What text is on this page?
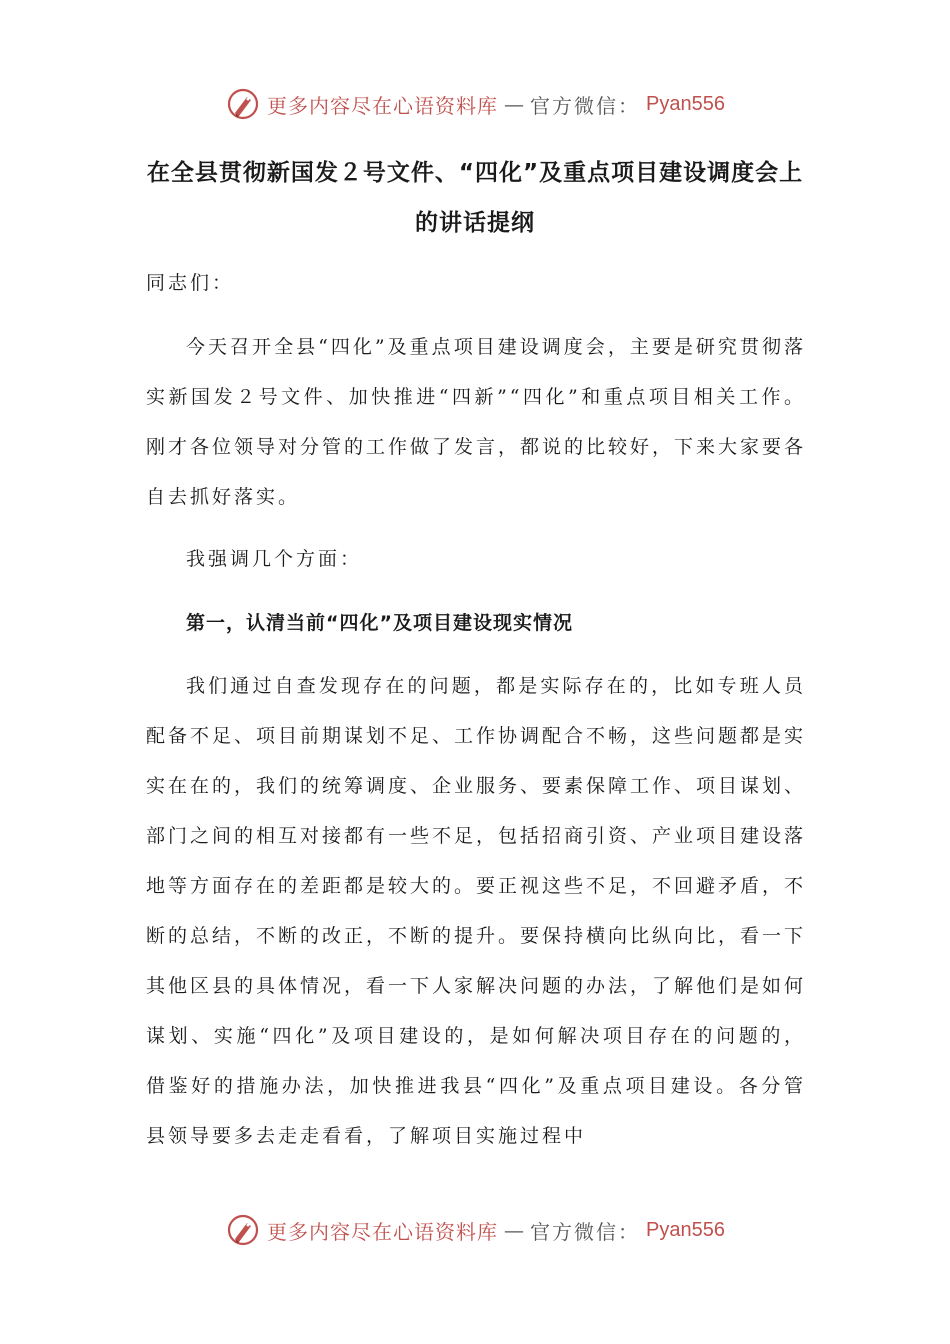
更多内容尽在心语资料库 — 官方微信： Pyan556
在全县贯彻新国发２号文件、“四化”及重点项目建设调度会上的讲话提纲
同志们：
今天召开全县“四化”及重点项目建设调度会，主要是研究贯彻落实新国发２号文件、加快推进“四新”“四化”和重点项目相关工作。刚才各位领导对分管的工作做了发言，都说的比较好，下来大家要各自去抓好落实。
我强调几个方面：
第一，认清当前“四化”及项目建设现实情况
我们通过自查发现存在的问题，都是实际存在的，比如专班人员配备不足、项目前期谋划不足、工作协调配合不畅，这些问题都是实实在在的，我们的统筹调度、企业服务、要素保障工作、项目谋划、部门之间的相互对接都有一些不足，包括招商引资、产业项目建设落地等方面存在的差距都是较大的。要正视这些不足，不回避矛盾，不断的总结，不断的改正，不断的提升。要保持横向比纵向比，看一下其他区县的具体情况，看一下人家解决问题的办法，了解他们是如何谋划、实施“四化”及项目建设的，是如何解决项目存在的问题的，借鉴好的措施办法，加快推进我县“四化”及重点项目建设。各分管县领导要多去走走看看，了解项目实施过程中
更多内容尽在心语资料库 — 官方微信： Pyan556
